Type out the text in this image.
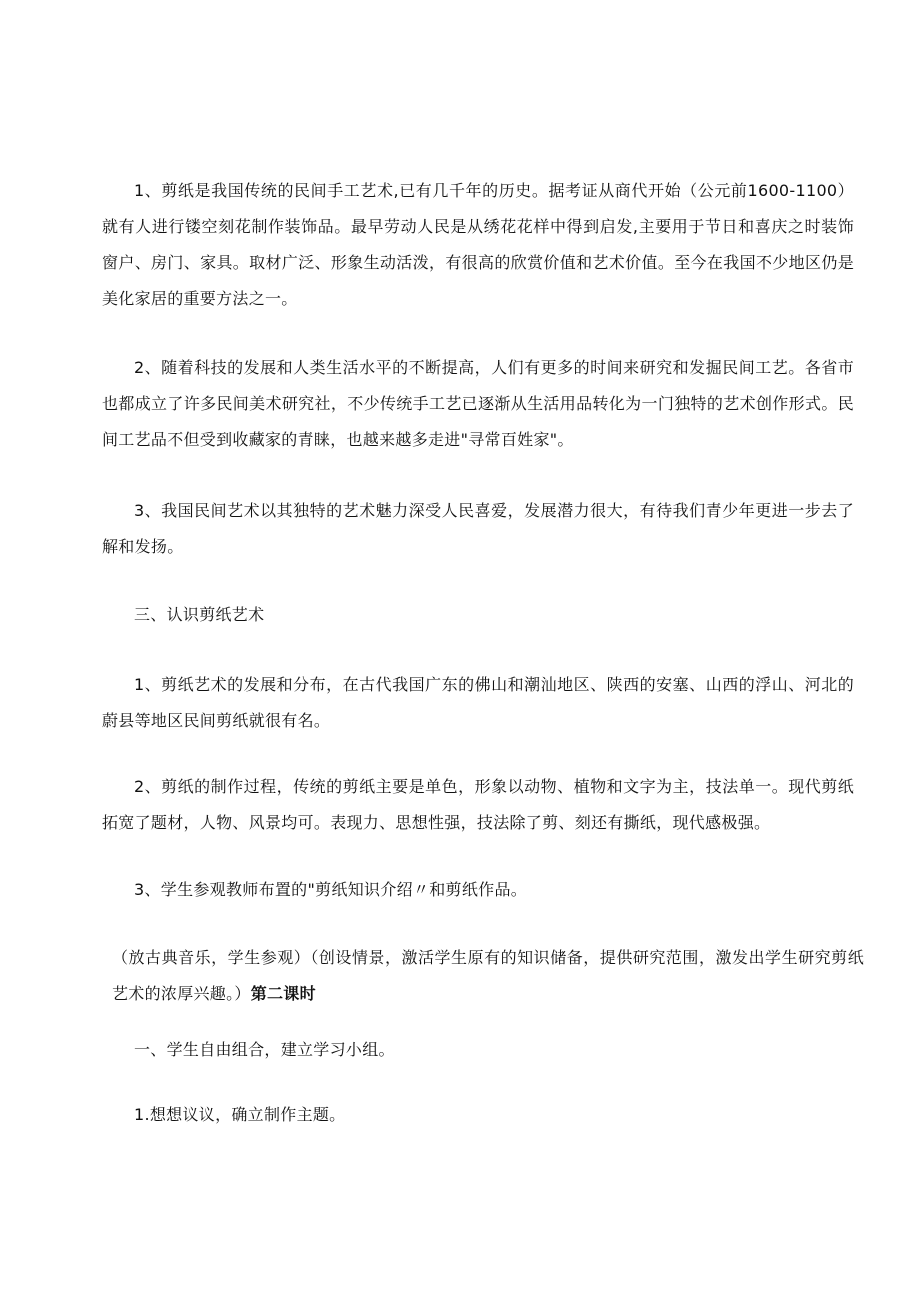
1、剪纸是我国传统的民间手工艺术,已有几千年的历史。据考证从商代开始（公元前1600-1100）就有人进行镂空刻花制作装饰品。最早劳动人民是从绣花花样中得到启发,主要用于节日和喜庆之时装饰窗户、房门、家具。取材广泛、形象生动活泼，有很高的欣赏价值和艺术价值。至今在我国不少地区仍是美化家居的重要方法之一。

2、随着科技的发展和人类生活水平的不断提高，人们有更多的时间来研究和发掘民间工艺。各省市也都成立了许多民间美术研究社，不少传统手工艺已逐渐从生活用品转化为一门独特的艺术创作形式。民间工艺品不但受到收藏家的青睐，也越来越多走进"寻常百姓家"。

3、我国民间艺术以其独特的艺术魅力深受人民喜爱，发展潜力很大，有待我们青少年更进一步去了解和发扬。

三、认识剪纸艺术

1、剪纸艺术的发展和分布，在古代我国广东的佛山和潮汕地区、陕西的安塞、山西的浮山、河北的蔚县等地区民间剪纸就很有名。

2、剪纸的制作过程，传统的剪纸主要是单色，形象以动物、植物和文字为主，技法单一。现代剪纸拓宽了题材，人物、风景均可。表现力、思想性强，技法除了剪、刻还有撕纸，现代感极强。

3、学生参观教师布置的"剪纸知识介绍〃和剪纸作品。

（放古典音乐，学生参观）（创设情景，激活学生原有的知识储备，提供研究范围，激发出学生研究剪纸艺术的浓厚兴趣。）第二课时

一、学生自由组合，建立学习小组。

1.想想议议，确立制作主题。
